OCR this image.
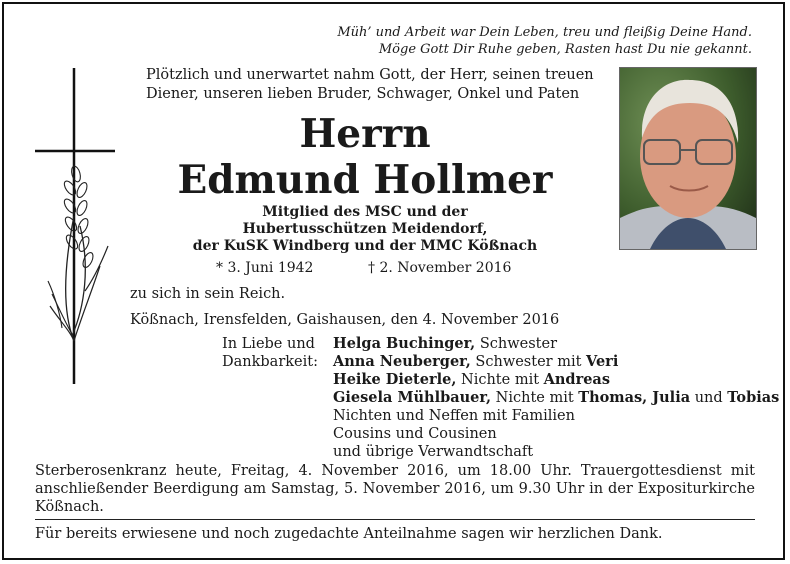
Müh’ und Arbeit war Dein Leben, treu und fleißig Deine Hand.
Möge Gott Dir Ruhe geben, Rasten hast Du nie gekannt.
Plötzlich und unerwartet nahm Gott, der Herr, seinen treuen
Diener, unseren lieben Bruder, Schwager, Onkel und Paten
Herrn
Edmund Hollmer
Mitglied des MSC und der
Hubertusschützen Meidendorf,
der KuSK Windberg und der MMC Kößnach
* 3. Juni 1942	† 2. November 2016
zu sich in sein Reich.
Kößnach, Irensfelden, Gaishausen, den 4. November 2016
In Liebe und
Dankbarkeit:
Helga Buchinger, Schwester
Anna Neuberger, Schwester mit Veri
Heike Dieterle, Nichte mit Andreas
Giesela Mühlbauer, Nichte mit Thomas, Julia und Tobias
Nichten und Neffen mit Familien
Cousins und Cousinen
und übrige Verwandtschaft
Sterberosenkranz heute, Freitag, 4. November 2016, um 18.00 Uhr. Trauergottesdienst mit anschließender Beerdigung am Samstag, 5. November 2016, um 9.30 Uhr in der Expositurkirche Kößnach.
Für bereits erwiesene und noch zugedachte Anteilnahme sagen wir herzlichen Dank.
